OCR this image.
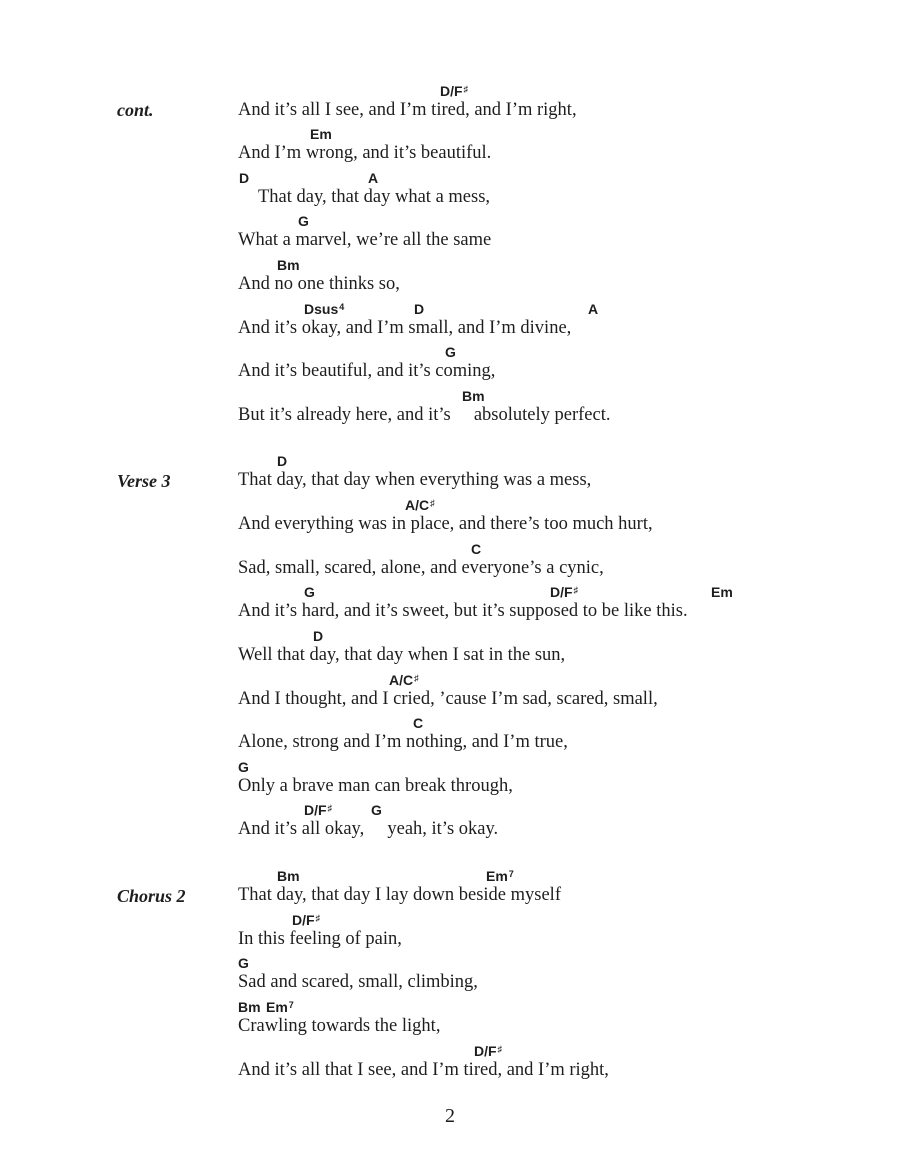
cont.
Verse 3
Chorus 2
D/F♯
And it’s all I see, and I’m tired, and I’m right,
Em
And I’m wrong, and it’s beautiful.
D	A
That day, that day what a mess,
G
What a marvel, we’re all the same
Bm
And no one thinks so,
Dsus$^4$	D	A
And it’s okay, and I’m small, and I’m divine,
G
And it’s beautiful, and it’s coming,
Bm
But it’s already here, and it’s     absolutely perfect.
D
That day, that day when everything was a mess,
A/C♯
And everything was in place, and there’s too much hurt,
C
Sad, small, scared, alone, and everyone’s a cynic,
G	D/F♯	Em
And it’s hard, and it’s sweet, but it’s supposed to be like this.
D
Well that day, that day when I sat in the sun,
A/C♯
And I thought, and I cried, ’cause I’m sad, scared, small,
C
Alone, strong and I’m nothing, and I’m true,
G
Only a brave man can break through,
D/F♯	G
And it’s all okay,     yeah, it’s okay.
Bm	Em$^7$
That day, that day I lay down beside myself
D/F♯
In this feeling of pain,
G
Sad and scared, small, climbing,
Bm Em$^7$
Crawling towards the light,
D/F♯
And it’s all that I see, and I’m tired, and I’m right,
2
